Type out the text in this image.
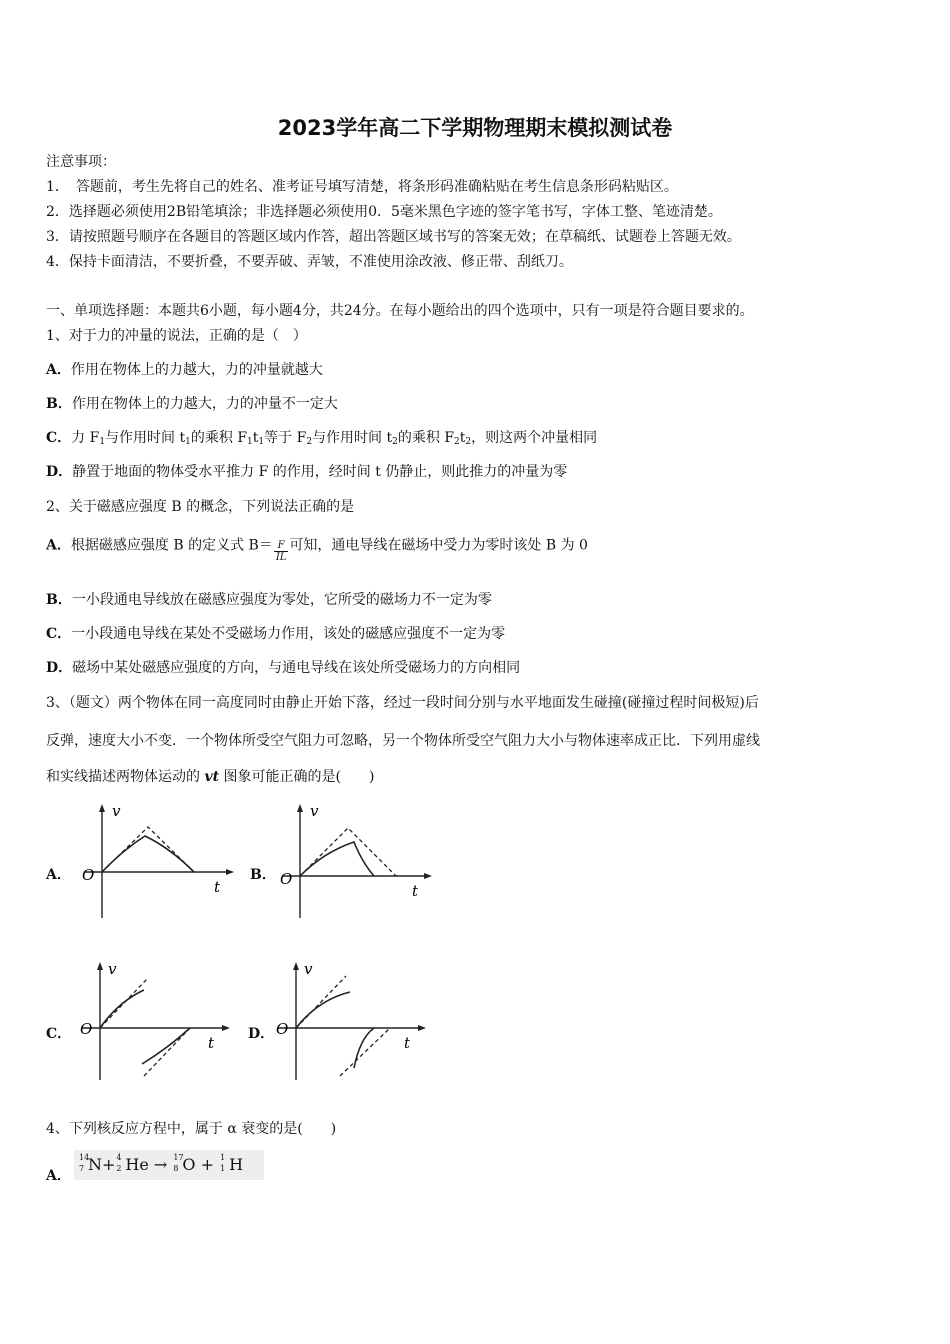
2023学年高二下学期物理期末模拟测试卷
注意事项：
1．　答题前，考生先将自己的姓名、准考证号填写清楚，将条形码准确粘贴在考生信息条形码粘贴区。
2．选择题必须使用2B铅笔填涂；非选择题必须使用0．5毫米黑色字迹的签字笔书写，字体工整、笔迹清楚。
3．请按照题号顺序在各题目的答题区域内作答，超出答题区域书写的答案无效；在草稿纸、试题卷上答题无效。
4．保持卡面清洁，不要折叠，不要弄破、弄皱，不准使用涂改液、修正带、刮纸刀。
一、单项选择题：本题共6小题，每小题4分，共24分。在每小题给出的四个选项中，只有一项是符合题目要求的。
1、对于力的冲量的说法，正确的是（　）
A．作用在物体上的力越大，力的冲量就越大
B．作用在物体上的力越大，力的冲量不一定大
C．力 $F_1$与作用时间 $t_1$的乘积 $F_1t_1$等于 $F_2$与作用时间 $t_2$的乘积 $F_2t_2$，则这两个冲量相同
D．静置于地面的物体受水平推力 F 的作用，经时间 t 仍静止，则此推力的冲量为零
2、关于磁感应强度 B 的概念，下列说法正确的是
A．根据磁感应强度 B 的定义式 $B= \frac{F}{IL}$ 可知，通电导线在磁场中受力为零时该处 B 为 0
B．一小段通电导线放在磁感应强度为零处，它所受的磁场力不一定为零
C．一小段通电导线在某处不受磁场力作用，该处的磁感应强度不一定为零
D．磁场中某处磁感应强度的方向，与通电导线在该处所受磁场力的方向相同
3、（题文）两个物体在同一高度同时由静止开始下落，经过一段时间分别与水平地面发生碰撞(碰撞过程时间极短)后
反弹，速度大小不变．一个物体所受空气阻力可忽略，另一个物体所受空气阻力大小与物体速率成正比．下列用虚线
和实线描述两物体运动的 vt 图象可能正确的是(　　)
A．
v
O
t
B．
v
O
t
C．
v
O
t D．
v
O
t
4、下列核反应方程中，属于 α 衰变的是(　　)
A．
14
7 N+ 4
2 He → 17
8 O + 1
1 H
